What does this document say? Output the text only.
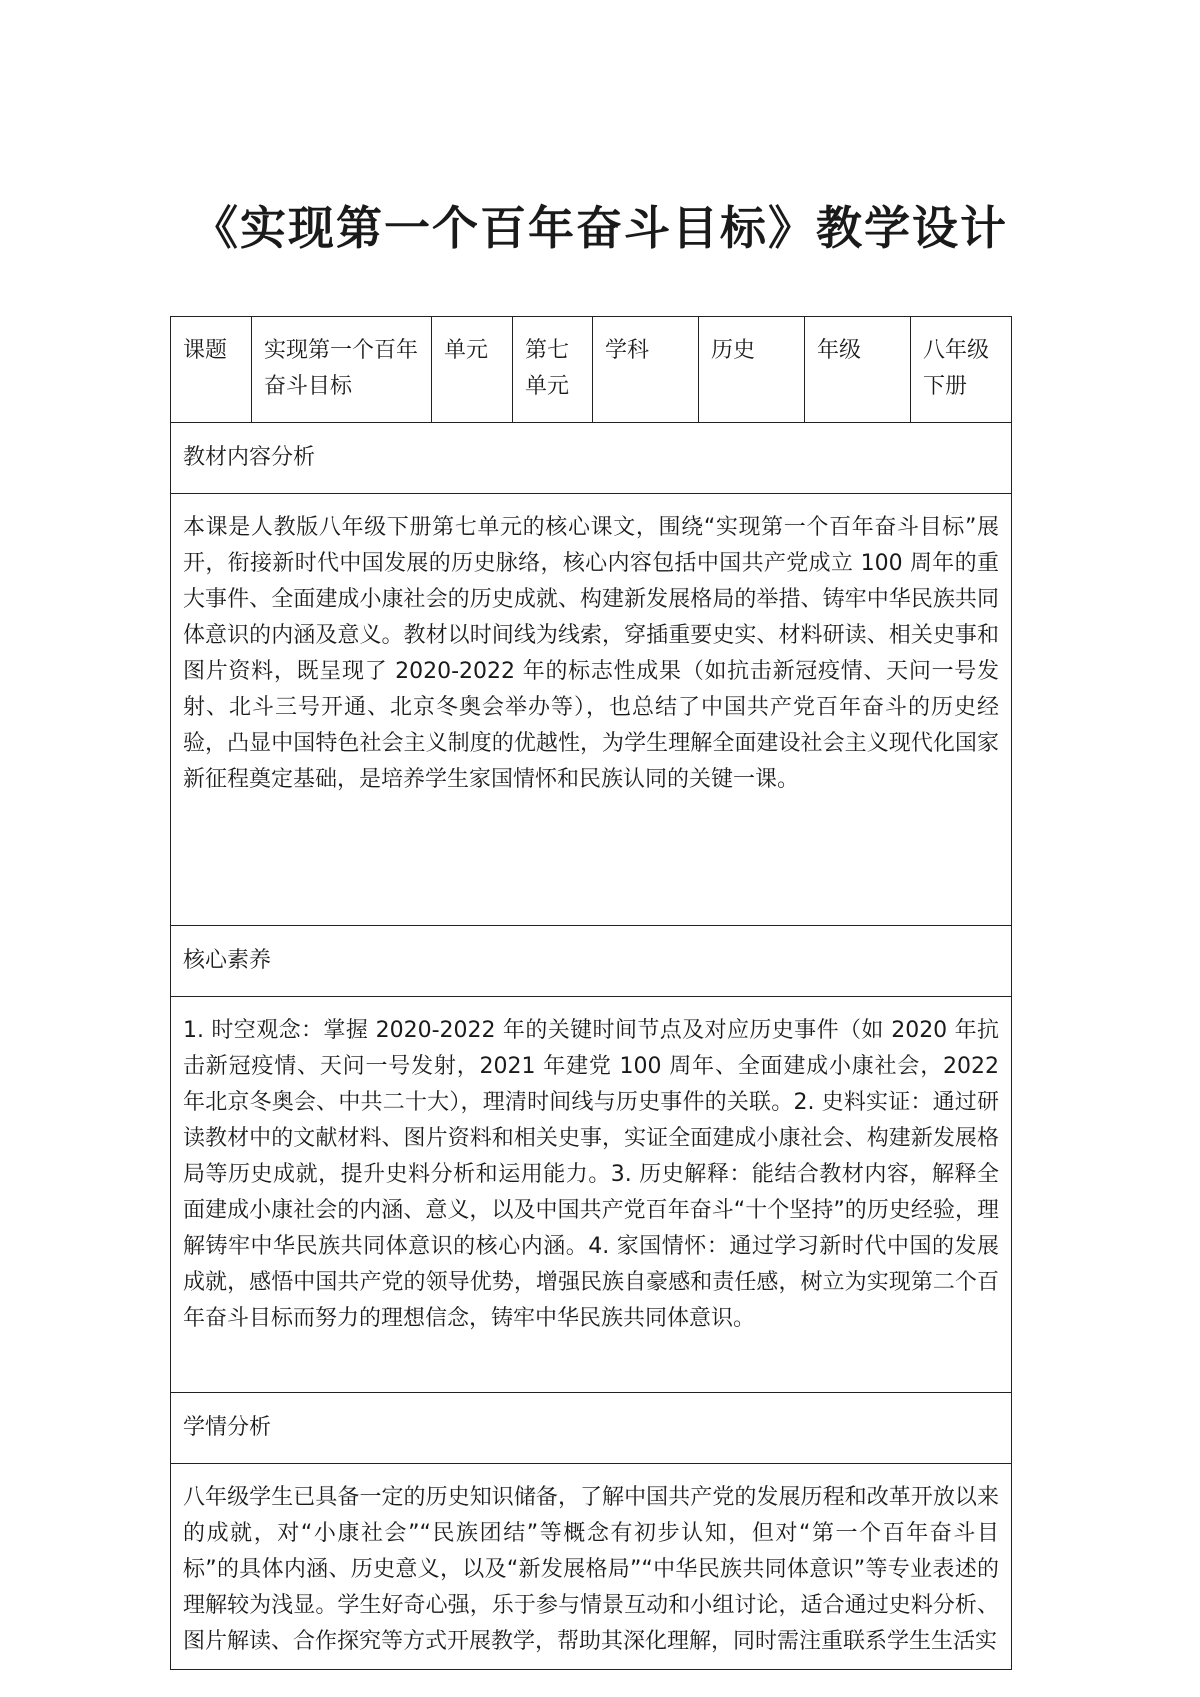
《实现第一个百年奋斗目标》教学设计
课题	实现第一个百年奋斗目标	单元	第七单元	学科	历史	年级	八年级下册
教材内容分析
本课是人教版八年级下册第七单元的核心课文，围绕“实现第一个百年奋斗目标”展开，衔接新时代中国发展的历史脉络，核心内容包括中国共产党成立 100 周年的重大事件、全面建成小康社会的历史成就、构建新发展格局的举措、铸牢中华民族共同体意识的内涵及意义。教材以时间线为线索，穿插重要史实、材料研读、相关史事和图片资料，既呈现了 2020-2022 年的标志性成果（如抗击新冠疫情、天问一号发射、北斗三号开通、北京冬奥会举办等），也总结了中国共产党百年奋斗的历史经验，凸显中国特色社会主义制度的优越性，为学生理解全面建设社会主义现代化国家新征程奠定基础，是培养学生家国情怀和民族认同的关键一课。
核心素养
1. 时空观念：掌握 2020-2022 年的关键时间节点及对应历史事件（如 2020 年抗击新冠疫情、天问一号发射，2021 年建党 100 周年、全面建成小康社会，2022 年北京冬奥会、中共二十大），理清时间线与历史事件的关联。2. 史料实证：通过研读教材中的文献材料、图片资料和相关史事，实证全面建成小康社会、构建新发展格局等历史成就，提升史料分析和运用能力。3. 历史解释：能结合教材内容，解释全面建成小康社会的内涵、意义，以及中国共产党百年奋斗“十个坚持”的历史经验，理解铸牢中华民族共同体意识的核心内涵。4. 家国情怀：通过学习新时代中国的发展成就，感悟中国共产党的领导优势，增强民族自豪感和责任感，树立为实现第二个百年奋斗目标而努力的理想信念，铸牢中华民族共同体意识。
学情分析

八年级学生已具备一定的历史知识储备，了解中国共产党的发展历程和改革开放以来的成就，对“小康社会”“民族团结”等概念有初步认知，但对“第一个百年奋斗目标”的具体内涵、历史意义，以及“新发展格局”“中华民族共同体意识”等专业表述的理解较为浅显。学生好奇心强，乐于参与情景互动和小组讨论，适合通过史料分析、图片解读、合作探究等方式开展教学，帮助其深化理解，同时需注重联系学生生活实
